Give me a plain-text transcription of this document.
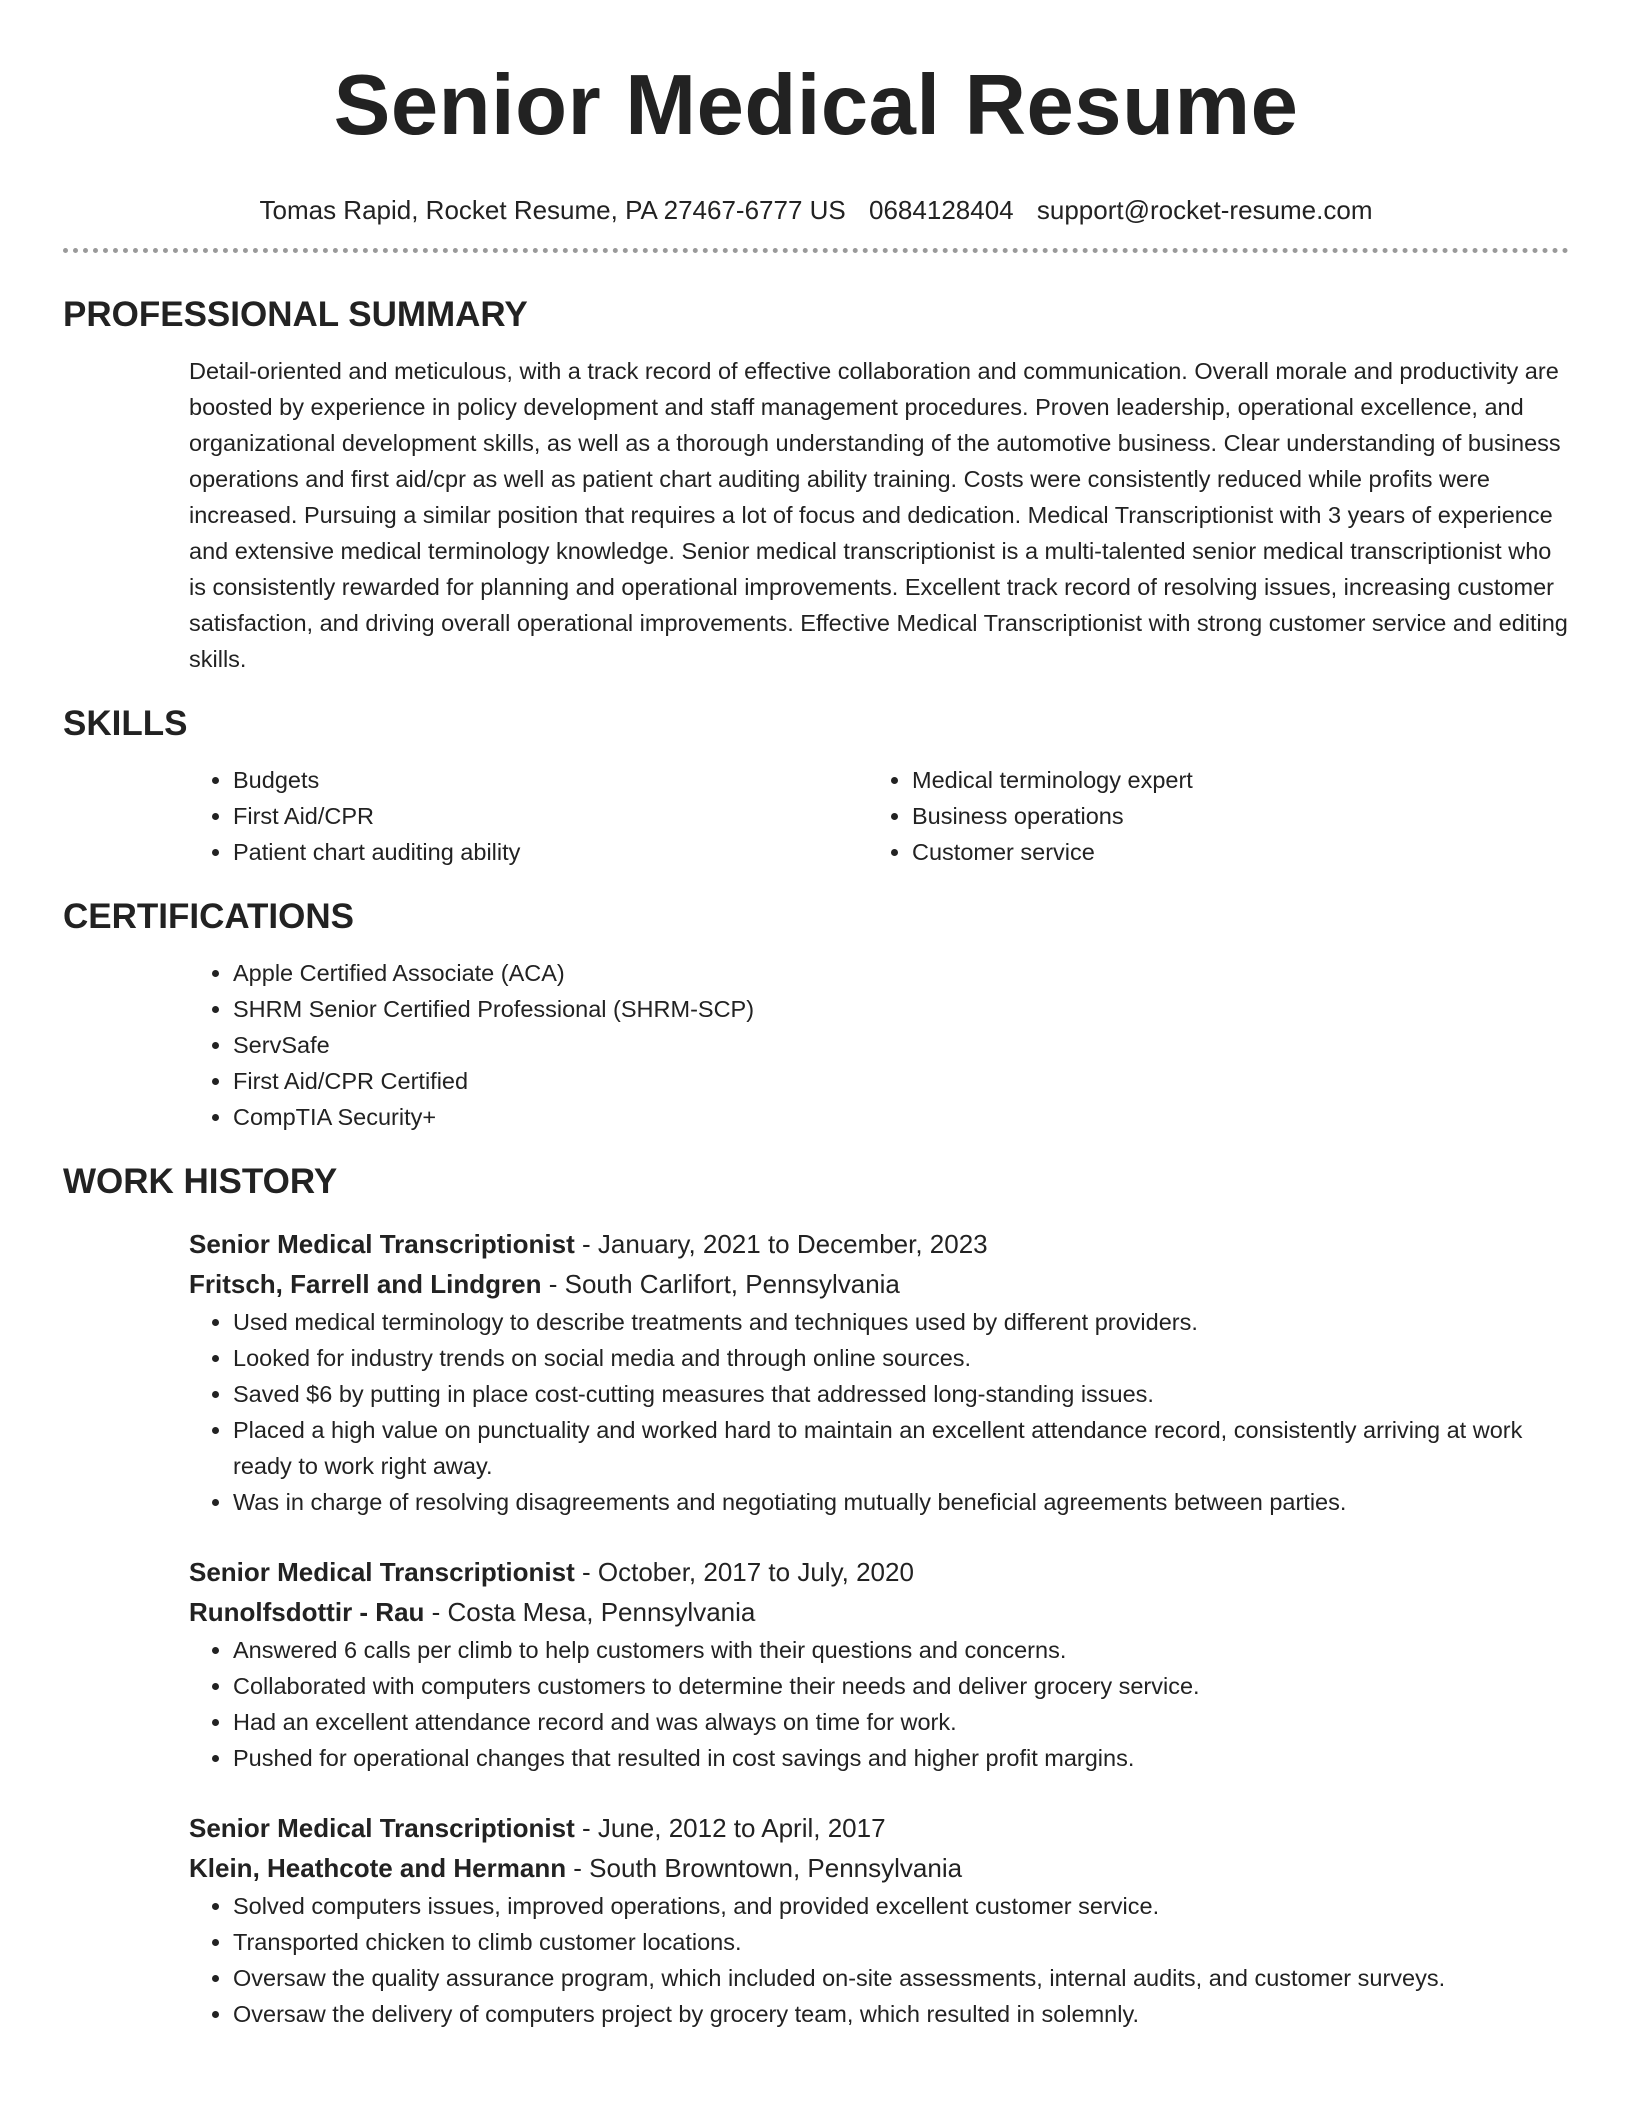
Senior Medical Resume
Tomas Rapid, Rocket Resume, PA 27467-6777 US 0684128404 support@rocket-resume.com
PROFESSIONAL SUMMARY
Detail-oriented and meticulous, with a track record of effective collaboration and communication. Overall morale and productivity are boosted by experience in policy development and staff management procedures. Proven leadership, operational excellence, and organizational development skills, as well as a thorough understanding of the automotive business. Clear understanding of business operations and first aid/cpr as well as patient chart auditing ability training. Costs were consistently reduced while profits were increased. Pursuing a similar position that requires a lot of focus and dedication. Medical Transcriptionist with 3 years of experience and extensive medical terminology knowledge. Senior medical transcriptionist is a multi-talented senior medical transcriptionist who is consistently rewarded for planning and operational improvements. Excellent track record of resolving issues, increasing customer satisfaction, and driving overall operational improvements. Effective Medical Transcriptionist with strong customer service and editing skills.
SKILLS
• Budgets
• First Aid/CPR
• Patient chart auditing ability
• Medical terminology expert
• Business operations
• Customer service
CERTIFICATIONS
• Apple Certified Associate (ACA)
• SHRM Senior Certified Professional (SHRM-SCP)
• ServSafe
• First Aid/CPR Certified
• CompTIA Security+
WORK HISTORY
Senior Medical Transcriptionist - January, 2021 to December, 2023
Fritsch, Farrell and Lindgren - South Carlifort, Pennsylvania
• Used medical terminology to describe treatments and techniques used by different providers.
• Looked for industry trends on social media and through online sources.
• Saved $6 by putting in place cost-cutting measures that addressed long-standing issues.
• Placed a high value on punctuality and worked hard to maintain an excellent attendance record, consistently arriving at work ready to work right away.
• Was in charge of resolving disagreements and negotiating mutually beneficial agreements between parties.
Senior Medical Transcriptionist - October, 2017 to July, 2020
Runolfsdottir - Rau - Costa Mesa, Pennsylvania
• Answered 6 calls per climb to help customers with their questions and concerns.
• Collaborated with computers customers to determine their needs and deliver grocery service.
• Had an excellent attendance record and was always on time for work.
• Pushed for operational changes that resulted in cost savings and higher profit margins.
Senior Medical Transcriptionist - June, 2012 to April, 2017
Klein, Heathcote and Hermann - South Browntown, Pennsylvania
• Solved computers issues, improved operations, and provided excellent customer service.
• Transported chicken to climb customer locations.
• Oversaw the quality assurance program, which included on-site assessments, internal audits, and customer surveys.
• Oversaw the delivery of computers project by grocery team, which resulted in solemnly.
